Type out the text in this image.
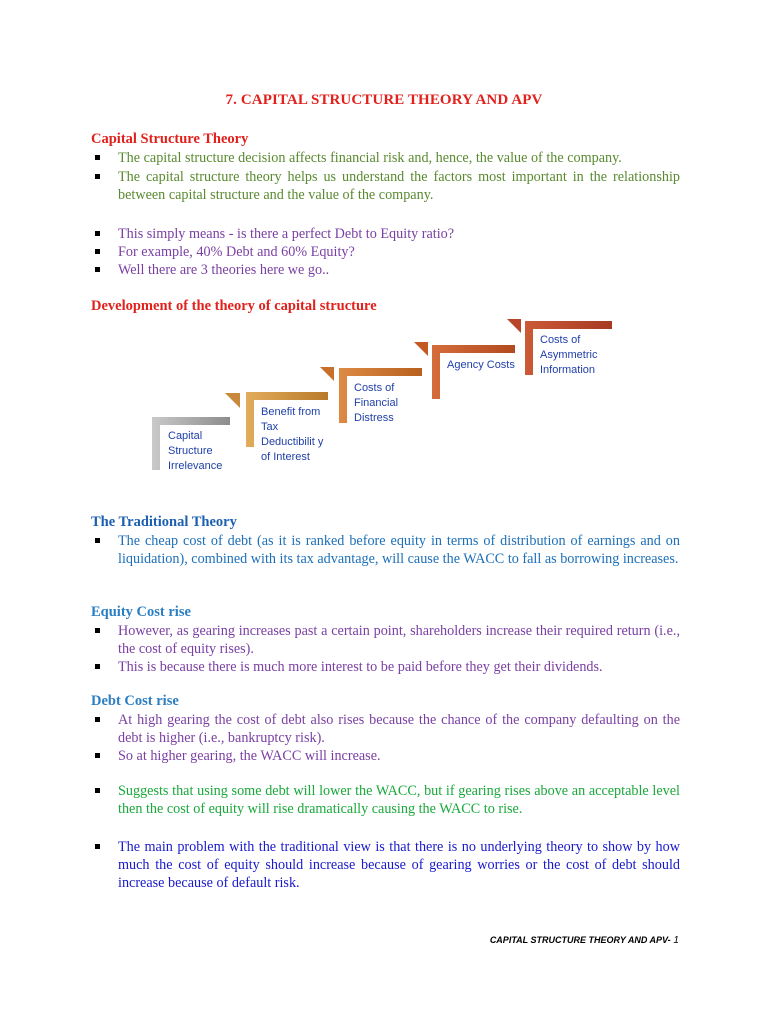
7. CAPITAL STRUCTURE THEORY AND APV
Capital Structure Theory
The capital structure decision affects financial risk and, hence, the value of the company.
The capital structure theory helps us understand the factors most important in the relationship between capital structure and the value of the company.
This simply means - is there a perfect Debt to Equity ratio?
For example, 40% Debt and 60% Equity?
Well there are 3 theories here we go..
Development of the theory of capital structure
Capital Structure Irrelevance
Benefit from Tax Deductibilit y of Interest
Costs of Financial Distress
Agency Costs
Costs of Asymmetric Information
The Traditional Theory
The cheap cost of debt (as it is ranked before equity in terms of distribution of earnings and on liquidation), combined with its tax advantage, will cause the WACC to fall as borrowing increases.
Equity Cost rise
However, as gearing increases past a certain point, shareholders increase their required return (i.e., the cost of equity rises).
This is because there is much more interest to be paid before they get their dividends.
Debt Cost rise
At high gearing the cost of debt also rises because the chance of the company defaulting on the debt is higher (i.e., bankruptcy risk).
So at higher gearing, the WACC will increase.
Suggests that using some debt will lower the WACC, but if gearing rises above an acceptable level then the cost of equity will rise dramatically causing the WACC to rise.
The main problem with the traditional view is that there is no underlying theory to show by how much the cost of equity should increase because of gearing worries or the cost of debt should increase because of default risk.
CAPITAL STRUCTURE THEORY AND APV- 1
